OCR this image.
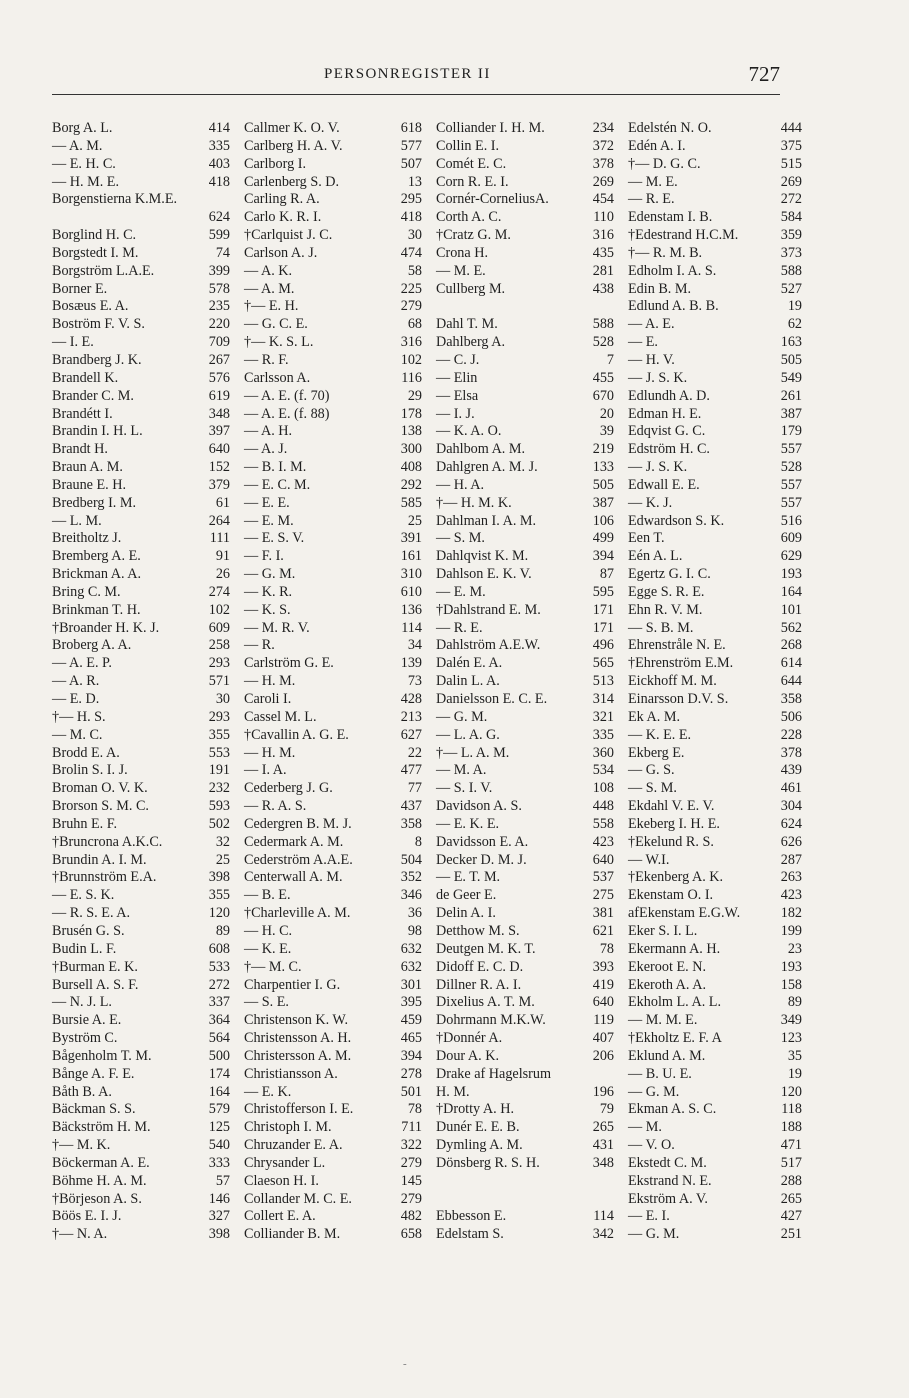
PERSONREGISTER II	727
Borg A. L.	414
— A. M.	335
— E. H. C.	403
— H. M. E.	418
Borgenstierna K.M.E.
624
Borglind H. C.	599
Borgstedt I. M.	74
Borgström L.A.E.	399
Borner E.	578
Bosæus E. A.	235
Boström F. V. S.	220
— I. E.	709
Brandberg J. K.	267
Brandell K.	576
Brander C. M.	619
Brandétt I.	348
Brandin I. H. L.	397
Brandt H.	640
Braun A. M.	152
Braune E. H.	379
Bredberg I. M.	61
— L. M.	264
Breitholtz J.	111
Bremberg A. E.	91
Brickman A. A.	26
Bring C. M.	274
Brinkman T. H.	102
†Broander H. K. J.	609
Broberg A. A.	258
— A. E. P.	293
— A. R.	571
— E. D.	30
†— H. S.	293
— M. C.	355
Brodd E. A.	553
Brolin S. I. J.	191
Broman O. V. K.	232
Brorson S. M. C.	593
Bruhn E. F.	502
†Bruncrona A.K.C.	32
Brundin A. I. M.	25
†Brunnström E.A.	398
— E. S. K.	355
— R. S. E. A.	120
Brusén G. S.	89
Budin L. F.	608
†Burman E. K.	533
Bursell A. S. F.	272
— N. J. L.	337
Bursie A. E.	364
Byström C.	564
Bågenholm T. M.	500
Bånge A. F. E.	174
Båth B. A.	164
Bäckman S. S.	579
Bäckström H. M.	125
†— M. K.	540
Böckerman A. E.	333
Böhme H. A. M.	57
†Börjeson A. S.	146
Böös E. I. J.	327
†— N. A.	398
Callmer K. O. V.	618
Carlberg H. A. V.	577
Carlborg I.	507
Carlenberg S. D.	13
Carling R. A.	295
Carlo K. R. I.	418
†Carlquist J. C.	30
Carlson A. J.	474
— A. K.	58
— A. M.	225
†— E. H.	279
— G. C. E.	68
†— K. S. L.	316
— R. F.	102
Carlsson A.	116
— A. E. (f. 70)	29
— A. E. (f. 88)	178
— A. H.	138
— A. J.	300
— B. I. M.	408
— E. C. M.	292
— E. E.	585
— E. M.	25
— E. S. V.	391
— F. I.	161
— G. M.	310
— K. R.	610
— K. S.	136
— M. R. V.	114
— R.	34
Carlström G. E.	139
— H. M.	73
Caroli I.	428
Cassel M. L.	213
†Cavallin A. G. E.	627
— H. M.	22
— I. A.	477
Cederberg J. G.	77
— R. A. S.	437
Cedergren B. M. J.	358
Cedermark A. M.	8
Cederström A.A.E.	504
Centerwall A. M.	352
— B. E.	346
†Charleville A. M.	36
— H. C.	98
— K. E.	632
†— M. C.	632
Charpentier I. G.	301
— S. E.	395
Christenson K. W.	459
Christensson A. H.	465
Christersson A. M.	394
Christiansson A.	278
— E. K.	501
Christofferson I. E.	78
Christoph I. M.	711
Chruzander E. A.	322
Chrysander L.	279
Claeson H. I.	145
Collander M. C. E.	279
Collert E. A.	482
Colliander B. M.	658
Colliander I. H. M.	234
Collin E. I.	372
Comét E. C.	378
Corn R. E. I.	269
Cornér-CorneliusA.	454
Corth A. C.	110
†Cratz G. M.	316
Crona H.	435
— M. E.	281
Cullberg M.	438
Dahl T. M.	588
Dahlberg A.	528
— C. J.	7
— Elin	455
— Elsa	670
— I. J.	20
— K. A. O.	39
Dahlbom A. M.	219
Dahlgren A. M. J.	133
— H. A.	505
†— H. M. K.	387
Dahlman I. A. M.	106
— S. M.	499
Dahlqvist K. M.	394
Dahlson E. K. V.	87
— E. M.	595
†Dahlstrand E. M.	171
— R. E.	171
Dahlström A.E.W.	496
Dalén E. A.	565
Dalin L. A.	513
Danielsson E. C. E.	314
— G. M.	321
— L. A. G.	335
†— L. A. M.	360
— M. A.	534
— S. I. V.	108
Davidson A. S.	448
— E. K. E.	558
Davidsson E. A.	423
Decker D. M. J.	640
— E. T. M.	537
de Geer E.	275
Delin A. I.	381
Detthow M. S.	621
Deutgen M. K. T.	78
Didoff E. C. D.	393
Dillner R. A. I.	419
Dixelius A. T. M.	640
Dohrmann M.K.W.	119
†Donnér A.	407
Dour A. K.	206
Drake af Hagelsrum
H. M.	196
†Drotty A. H.	79
Dunér E. E. B.	265
Dymling A. M.	431
Dönsberg R. S. H.	348
Ebbesson E.	114
Edelstam S.	342
Edelstén N. O.	444
Edén A. I.	375
†— D. G. C.	515
— M. E.	269
— R. E.	272
Edenstam I. B.	584
†Edestrand H.C.M.	359
†— R. M. B.	373
Edholm I. A. S.	588
Edin B. M.	527
Edlund A. B. B.	19
— A. E.	62
— E.	163
— H. V.	505
— J. S. K.	549
Edlundh A. D.	261
Edman H. E.	387
Edqvist G. C.	179
Edström H. C.	557
— J. S. K.	528
Edwall E. E.	557
— K. J.	557
Edwardson S. K.	516
Een T.	609
Eén A. L.	629
Egertz G. I. C.	193
Egge S. R. E.	164
Ehn R. V. M.	101
— S. B. M.	562
Ehrenstråle N. E.	268
†Ehrenström E.M.	614
Eickhoff M. M.	644
Einarsson D.V. S.	358
Ek A. M.	506
— K. E. E.	228
Ekberg E.	378
— G. S.	439
— S. M.	461
Ekdahl V. E. V.	304
Ekeberg I. H. E.	624
†Ekelund R. S.	626
— W.I.	287
†Ekenberg A. K.	263
Ekenstam O. I.	423
afEkenstam E.G.W.	182
Eker S. I. L.	199
Ekermann A. H.	23
Ekeroot E. N.	193
Ekeroth A. A.	158
Ekholm L. A. L.	89
— M. M. E.	349
†Ekholtz E. F. A	123
Eklund A. M.	35
— B. U. E.	19
— G. M.	120
Ekman A. S. C.	118
— M.	188
— V. O.	471
Ekstedt C. M.	517
Ekstrand N. E.	288
Ekström A. V.	265
— E. I.	427
— G. M.	251
-
